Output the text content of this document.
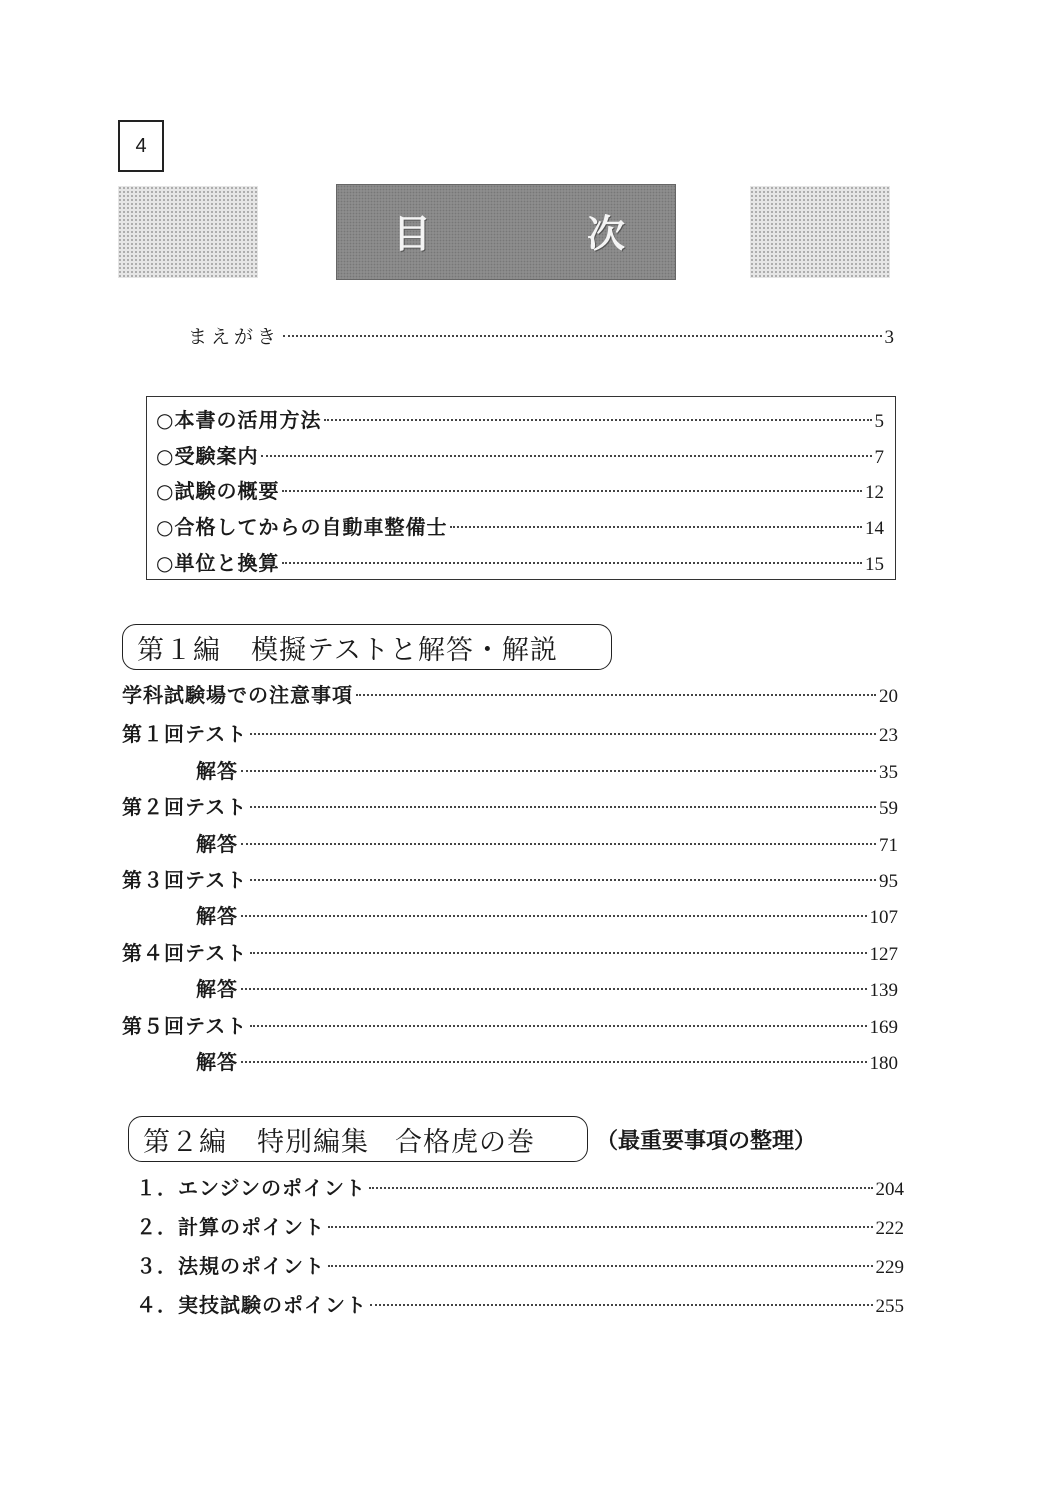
4
目	次
まえがき	3
○本書の活用方法	5
○受験案内	7
○試験の概要	12
○合格してからの自動車整備士	14
○単位と換算	15
第１編 模擬テストと解答・解説
学科試験場での注意事項	20
第１回テスト	23
解答	35
第２回テスト	59
解答	71
第３回テスト	95
解答	107
第４回テスト	127
解答	139
第５回テスト	169
解答	180
第２編 特別編集 合格虎の巻	（最重要事項の整理）
１．エンジンのポイント	204
２．計算のポイント	222
３．法規のポイント	229
４．実技試験のポイント	255
